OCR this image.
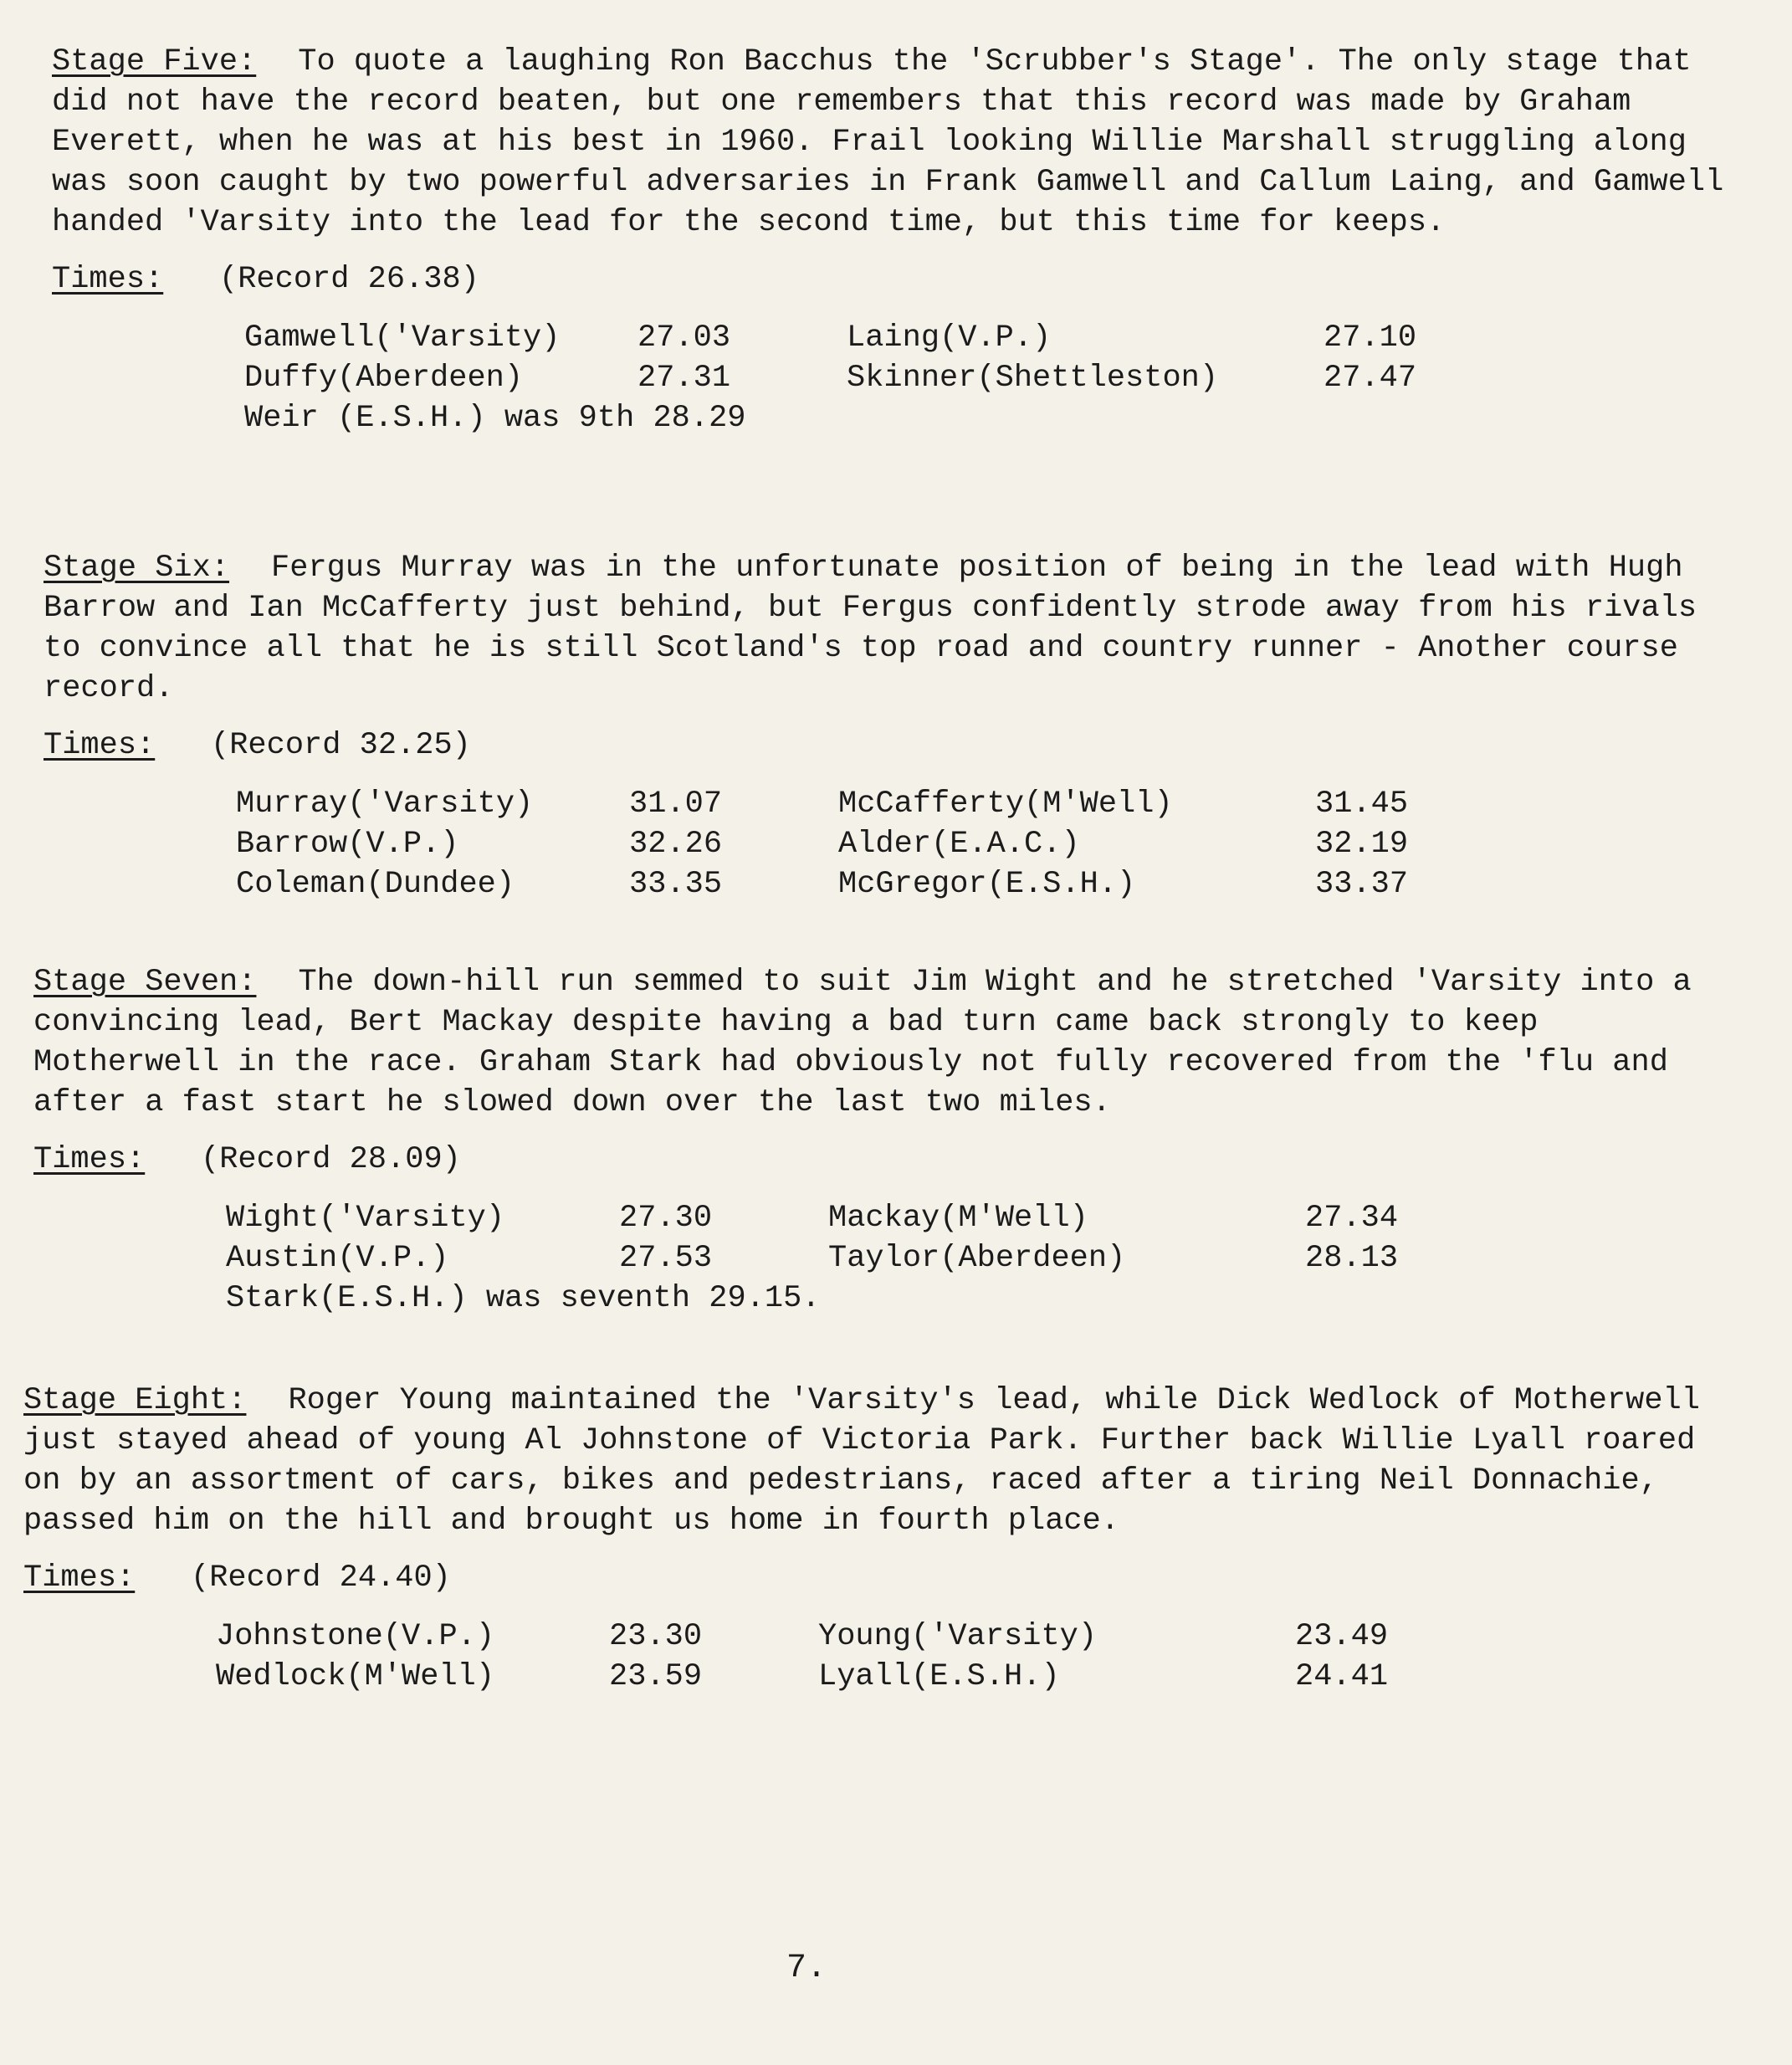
Stage Five: To quote a laughing Ron Bacchus the 'Scrubber's Stage'. The only stage that did not have the record beaten, but one remembers that this record was made by Graham Everett, when he was at his best in 1960. Frail looking Willie Marshall struggling along was soon caught by two powerful adversaries in Frank Gamwell and Callum Laing, and Gamwell handed 'Varsity into the lead for the second time, but this time for keeps.

Times:	(Record 26.38)
Gamwell('Varsity)	27.03	Laing(V.P.)	27.10
Duffy(Aberdeen)	27.31	Skinner(Shettleston)	27.47
Weir (E.S.H.) was 9th 28.29

Stage Six: Fergus Murray was in the unfortunate position of being in the lead with Hugh Barrow and Ian McCafferty just behind, but Fergus confidently strode away from his rivals to convince all that he is still Scotland's top road and country runner - Another course record.

Times:	(Record 32.25)
Murray('Varsity)	31.07	McCafferty(M'Well)	31.45
Barrow(V.P.)	32.26	Alder(E.A.C.)	32.19
Coleman(Dundee)	33.35	McGregor(E.S.H.)	33.37

Stage Seven: The down-hill run semmed to suit Jim Wight and he stretched 'Varsity into a convincing lead, Bert Mackay despite having a bad turn came back strongly to keep Motherwell in the race. Graham Stark had obviously not fully recovered from the 'flu and after a fast start he slowed down over the last two miles.

Times:	(Record 28.09)
Wight('Varsity)	27.30	Mackay(M'Well)	27.34
Austin(V.P.)	27.53	Taylor(Aberdeen)	28.13
Stark(E.S.H.) was seventh 29.15.

Stage Eight: Roger Young maintained the 'Varsity's lead, while Dick Wedlock of Motherwell just stayed ahead of young Al Johnstone of Victoria Park. Further back Willie Lyall roared on by an assortment of cars, bikes and pedestrians, raced after a tiring Neil Donnachie, passed him on the hill and brought us home in fourth place.

Times:	(Record 24.40)
Johnstone(V.P.)	23.30	Young('Varsity)	23.49
Wedlock(M'Well)	23.59	Lyall(E.S.H.)	24.41
7.
